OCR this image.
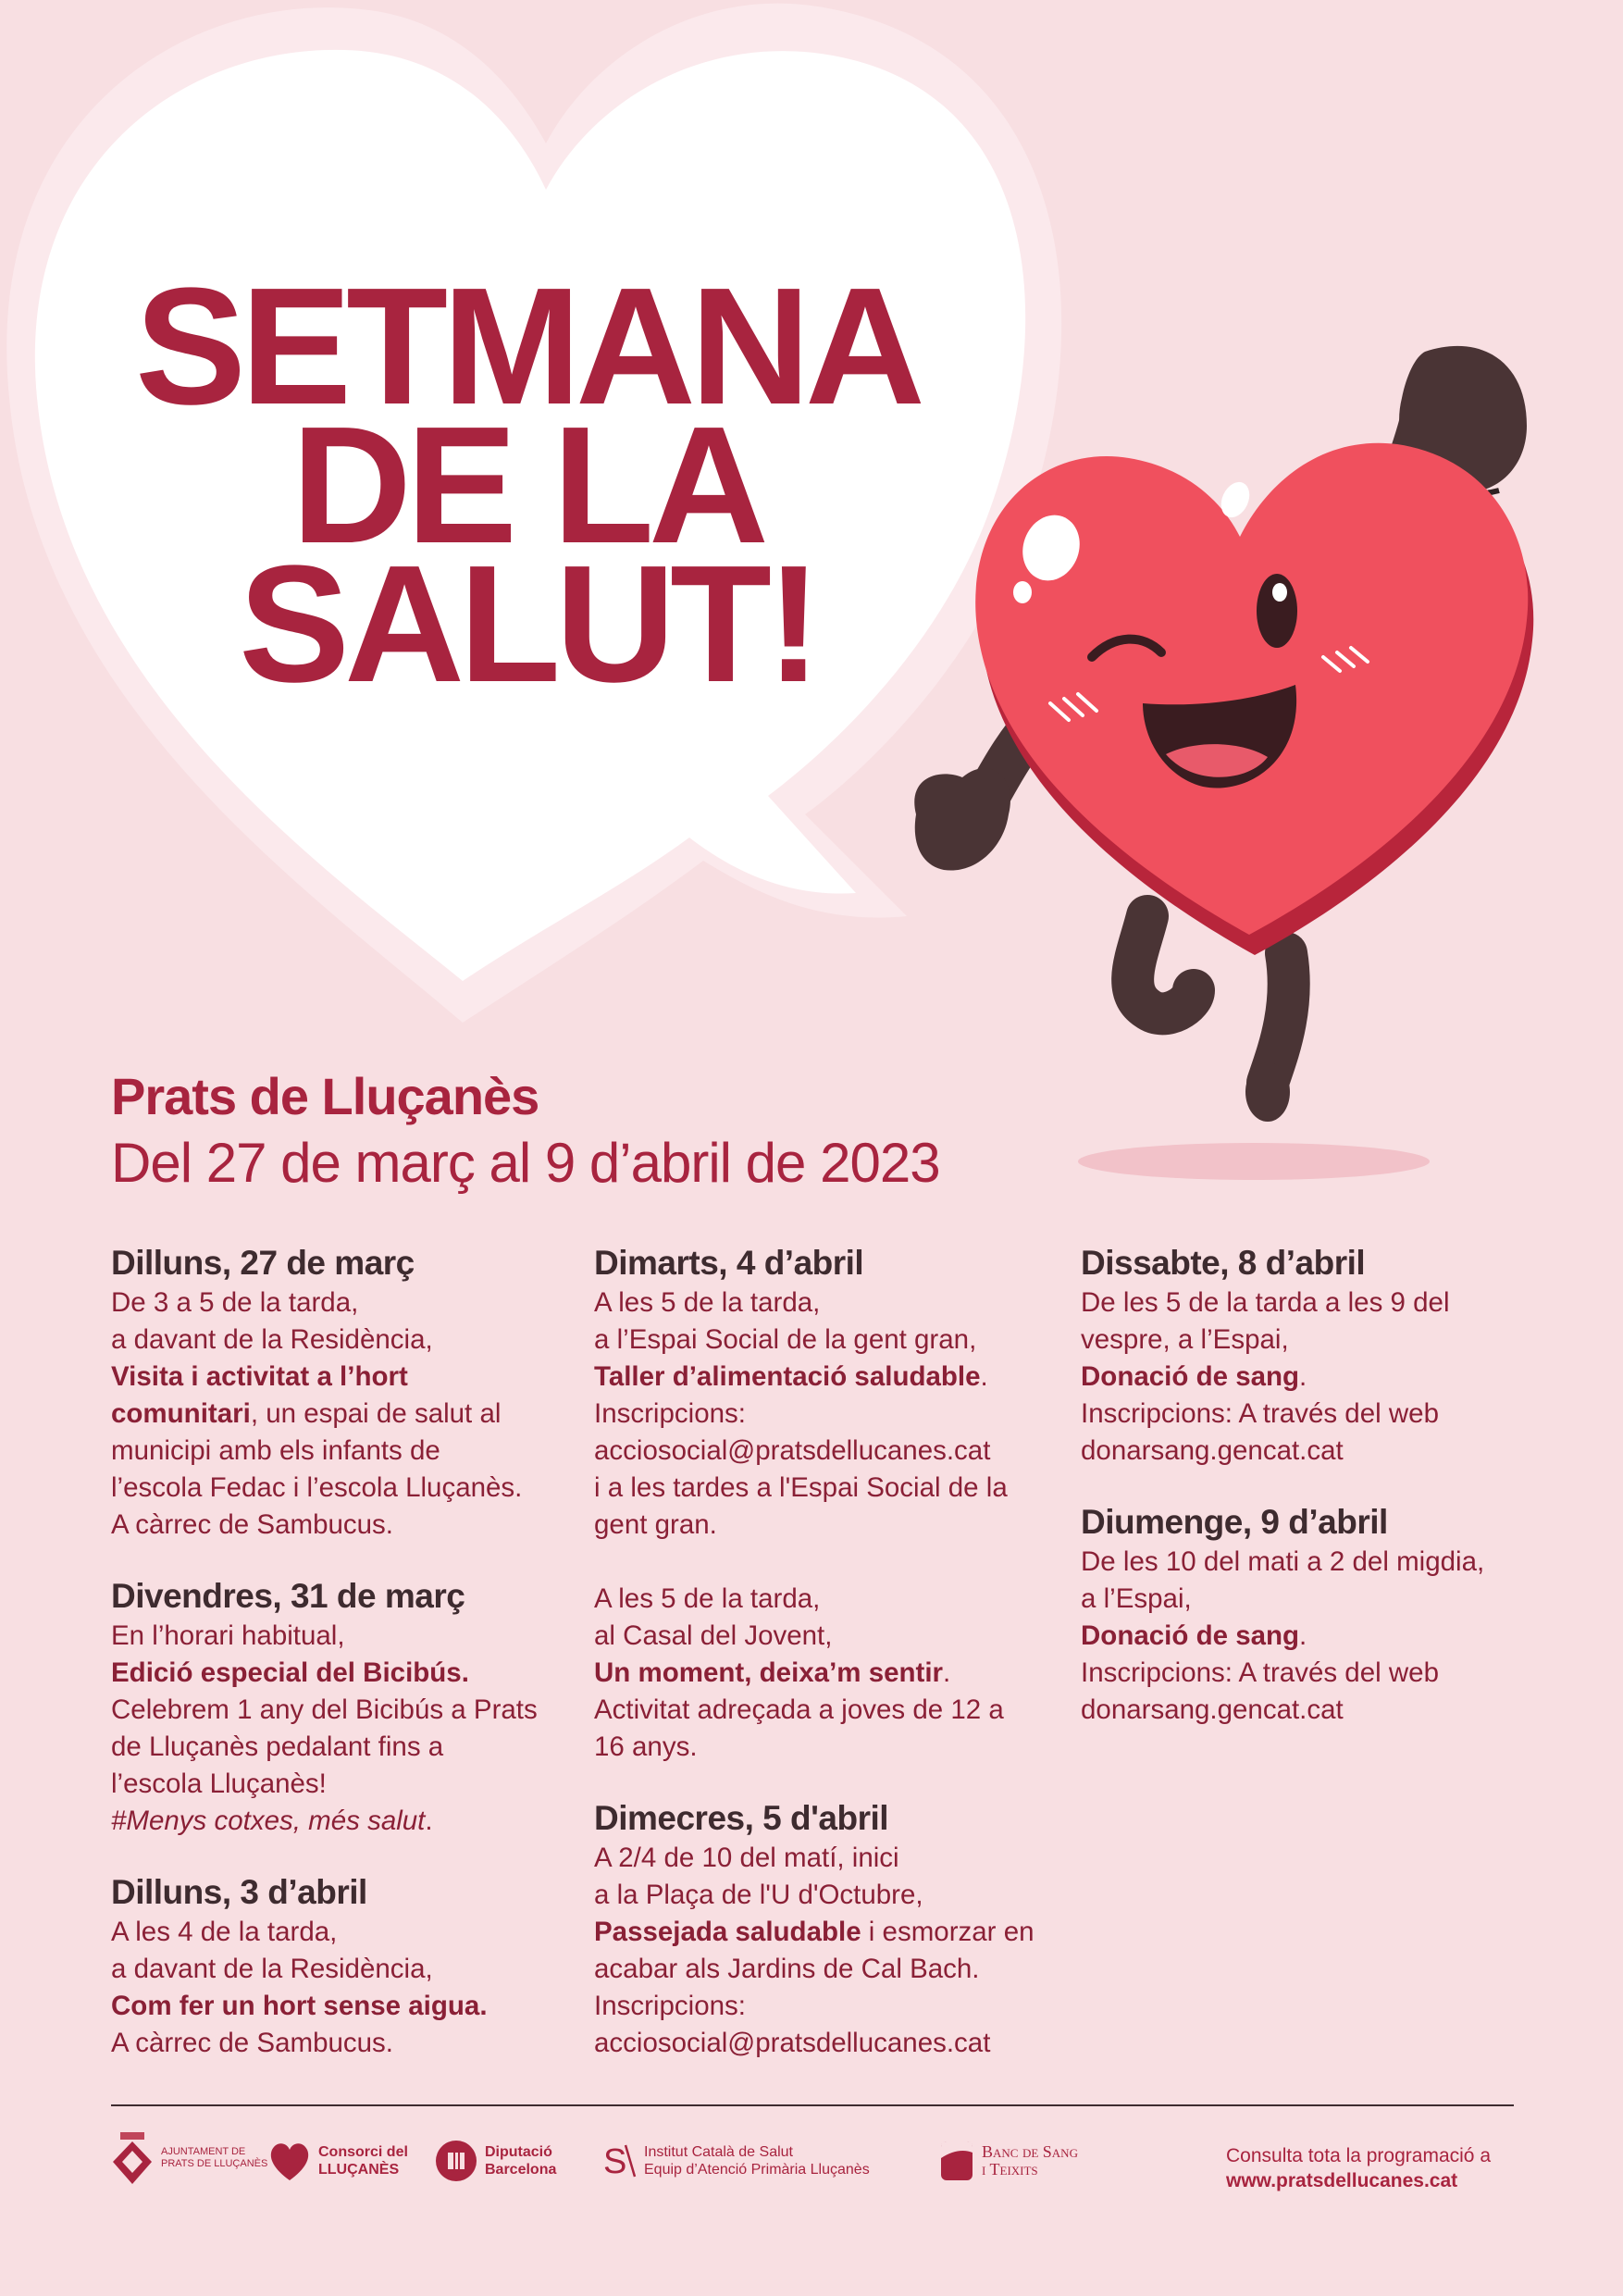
SETMANA
DE LA
SALUT!
Prats de Lluçanès
Del 27 de març al 9 d’abril de 2023
Dilluns, 27 de març
De 3 a 5 de la tarda,
a davant de la Residència,
Visita i activitat a l’hort
comunitari, un espai de salut al
municipi amb els infants de
l’escola Fedac i l’escola Lluçanès.
A càrrec de Sambucus.
Divendres, 31 de març
En l’horari habitual,
Edició especial del Bicibús.
Celebrem 1 any del Bicibús a Prats
de Lluçanès pedalant fins a
l’escola Lluçanès!
#Menys cotxes, més salut.
Dilluns, 3 d’abril
A les 4 de la tarda,
a davant de la Residència,
Com fer un hort sense aigua.
A càrrec de Sambucus.
Dimarts, 4 d’abril
A les 5 de la tarda,
a l’Espai Social de la gent gran,
Taller d’alimentació saludable.
Inscripcions:
acciosocial@pratsdellucanes.cat
i a les tardes a l'Espai Social de la
gent gran.
A les 5 de la tarda,
al Casal del Jovent,
Un moment, deixa’m sentir.
Activitat adreçada a joves de 12 a
16 anys.
Dimecres, 5 d'abril
A 2/4 de 10 del matí, inici
a la Plaça de l'U d'Octubre,
Passejada saludable i esmorzar en
acabar als Jardins de Cal Bach.
Inscripcions:
acciosocial@pratsdellucanes.cat
Dissabte, 8 d’abril
De les 5 de la tarda a les 9 del
vespre, a l’Espai,
Donació de sang.
Inscripcions: A través del web
donarsang.gencat.cat
Diumenge, 9 d’abril
De les 10 del mati a 2 del migdia,
a l’Espai,
Donació de sang.
Inscripcions: A través del web
donarsang.gencat.cat
AJUNTAMENT DE
PRATS DE LLUÇANÈS
Consorci del
LLUÇANÈS
Diputació
Barcelona S Institut Català de Salut
Equip d’Atenció Primària Lluçanès
Banc de Sang
i Teixits
Consulta tota la programació a
www.pratsdellucanes.cat
